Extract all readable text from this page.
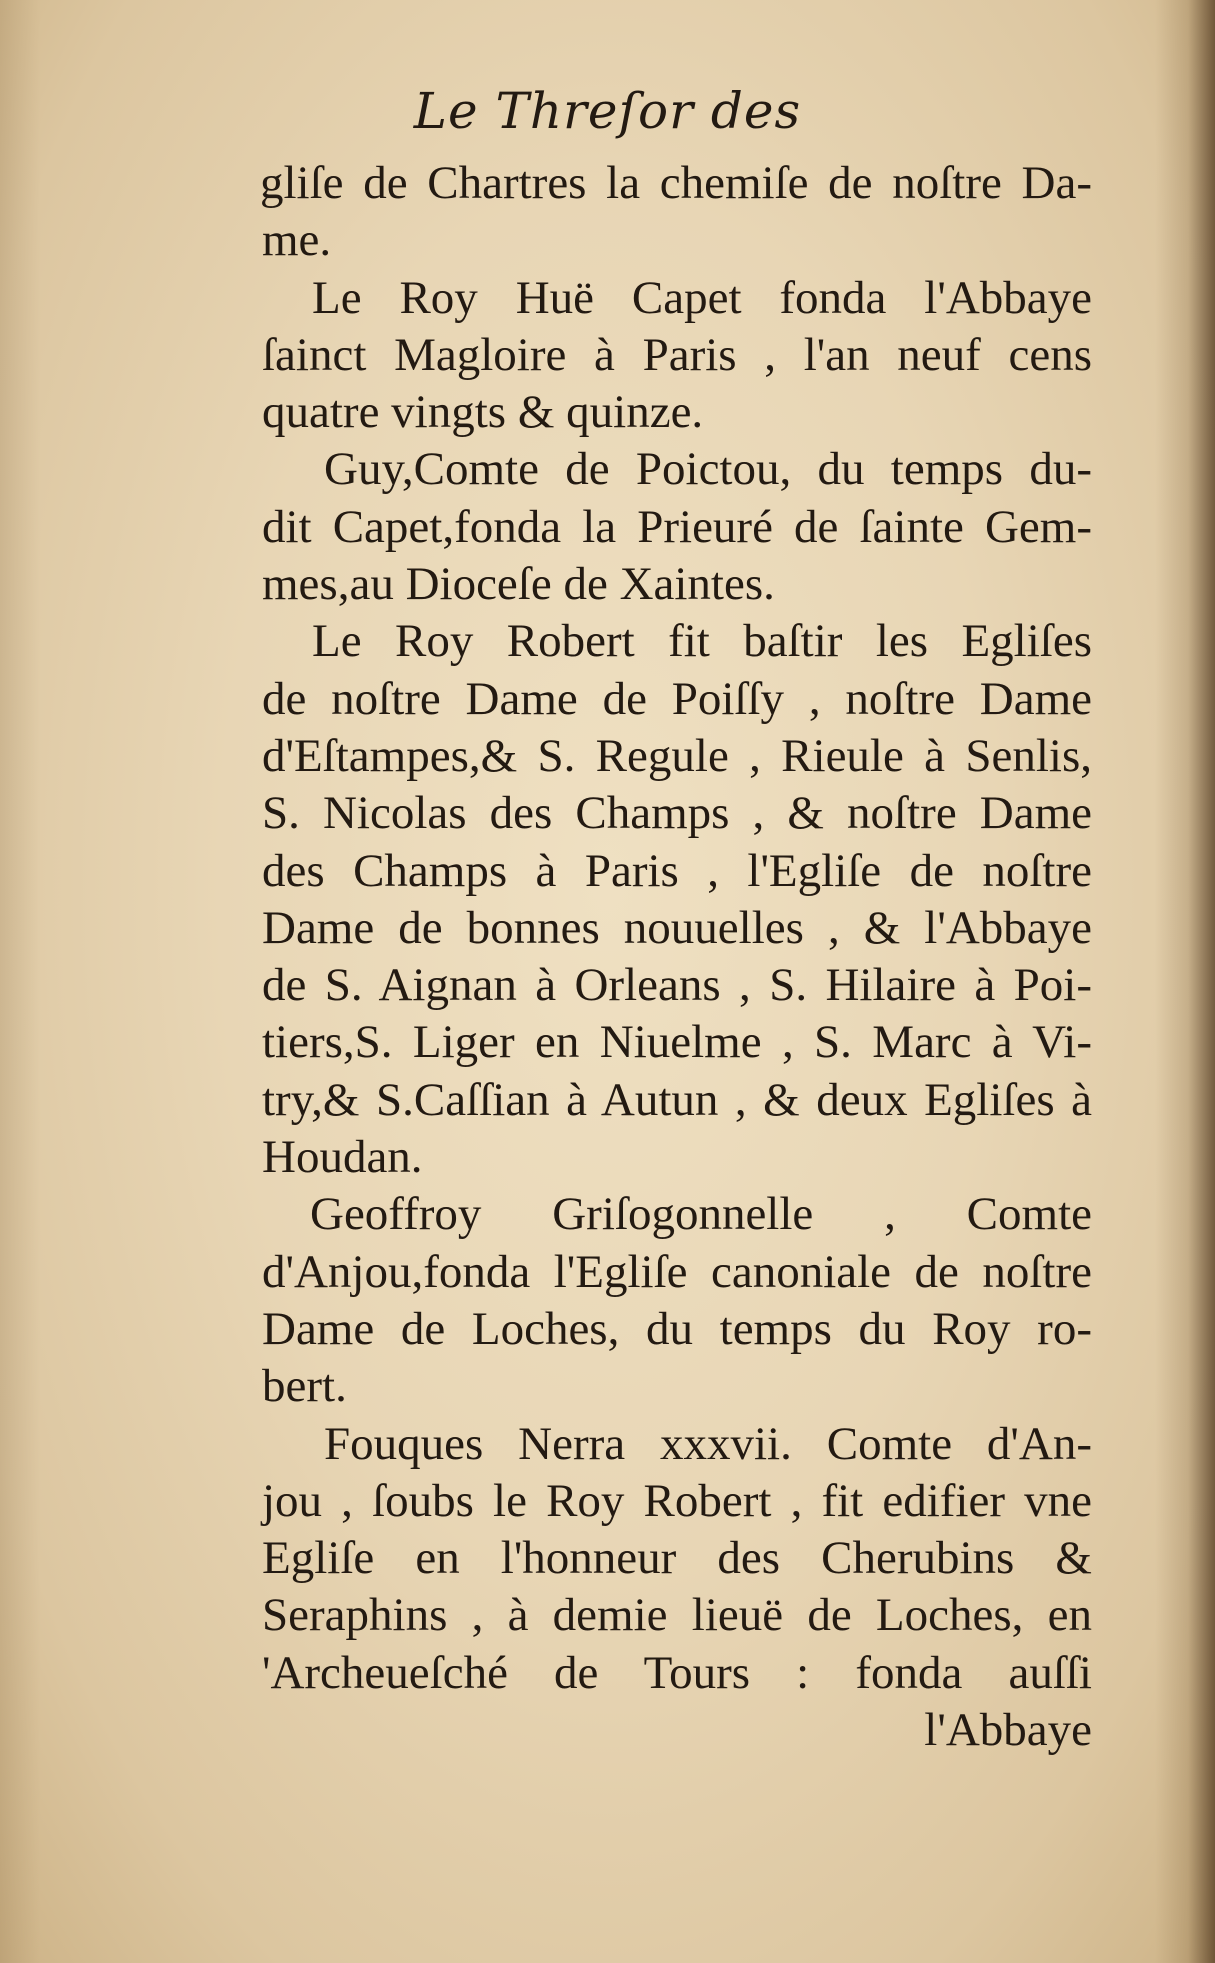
Le Threſor des
gliſe de Chartres la chemiſe de noſtre Da-
me.
Le Roy Huë Capet fonda l'Abbaye
ſainct Magloire à Paris , l'an neuf cens
quatre vingts & quinze.
Guy,Comte de Poictou, du temps du-
dit Capet,fonda la Prieuré de ſainte Gem-
mes,au Dioceſe de Xaintes.
Le Roy Robert fit baſtir les Egliſes
de noſtre Dame de Poiſſy , noſtre Dame
d'Eſtampes,& S. Regule , Rieule à Senlis,
S. Nicolas des Champs , & noſtre Dame
des Champs à Paris , l'Egliſe de noſtre
Dame de bonnes nouuelles , & l'Abbaye
de S. Aignan à Orleans , S. Hilaire à Poi-
tiers,S. Liger en Niuelme , S. Marc à Vi-
try,& S.Caſſian à Autun , & deux Egliſes à
Houdan.
Geoffroy Griſogonnelle , Comte
d'Anjou,fonda l'Egliſe canoniale de noſtre
Dame de Loches, du temps du Roy ro-
bert.
Fouques Nerra xxxvii. Comte d'An-
jou , ſoubs le Roy Robert , fit edifier vne
Egliſe en l'honneur des Cherubins &
Seraphins , à demie lieuë de Loches, en
'Archeueſché de Tours : fonda auſſi
l'Abbaye
